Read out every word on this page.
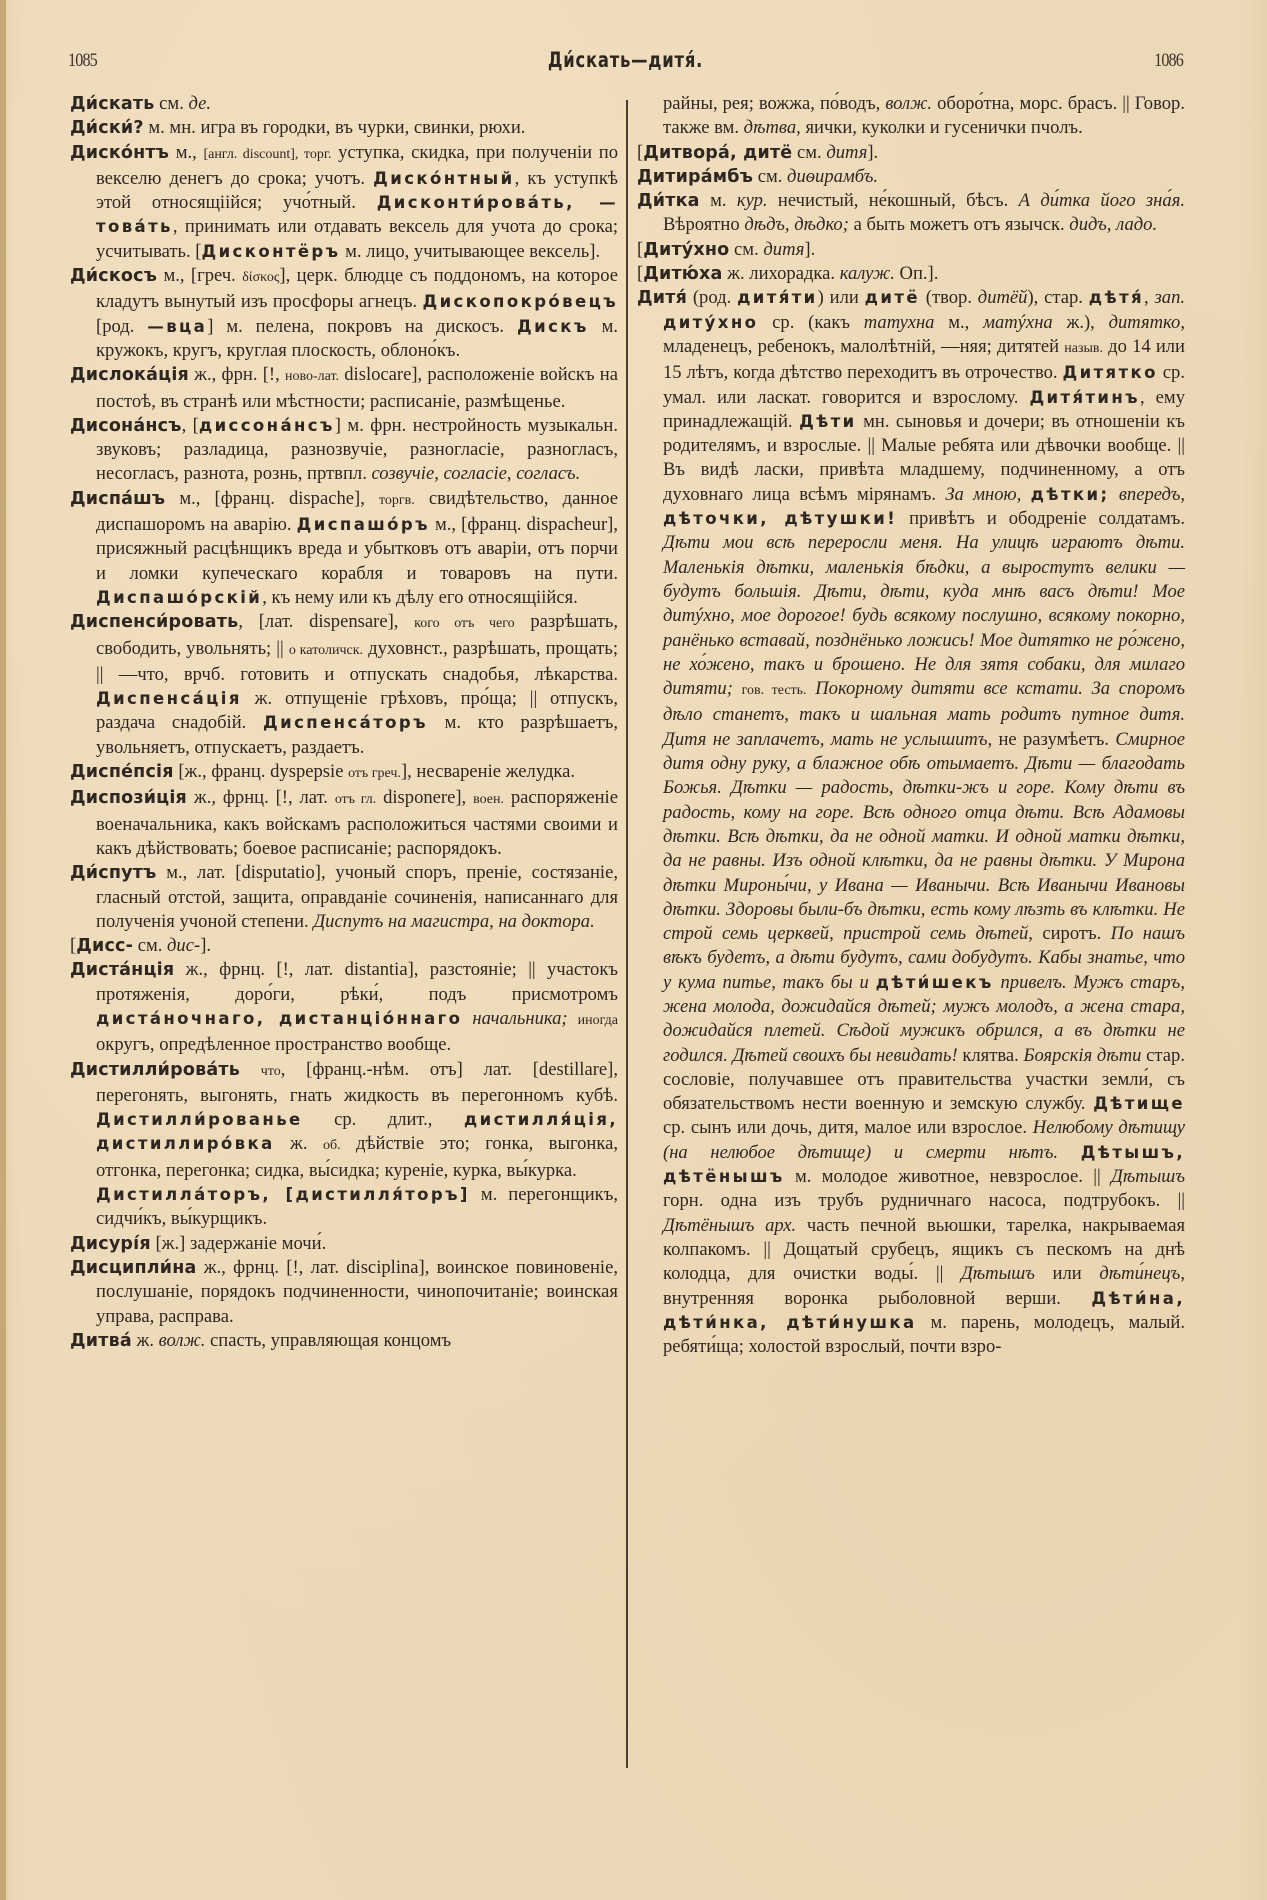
1085	Ди́скать—дитя́.	1086

Ди́скать см. де.

Ди́ски́? м. мн. игра въ городки, въ чурки, свинки, рюхи.

Диско́нтъ м., [англ. discount], торг. уступка, скидка, при полученіи по векселю денегъ до срока; учотъ. Диско́нтный, къ уступкѣ этой относящіійся; учо́тный. Дисконти́рова́ть, —това́ть, принимать или отдавать вексель для учота до срока; усчитывать. [Дисконтёръ м. лицо, учитывающее вексель].

Ди́скосъ м., [греч. δίσκος], церк. блюдце съ поддономъ, на которое кладутъ вынутый изъ просфоры агнецъ. Дископокро́вецъ [род. —вца] м. пелена, покровъ на дискосъ. Дискъ м. кружокъ, кругъ, круглая плоскость, облоно́къ.

Дислока́ція ж., фрн. [!, ново-лат. dislocare], расположеніе войскъ на постоѣ, въ странѣ или мѣстности; расписаніе, размѣщенье.

Дисона́нсъ, [диссона́нсъ] м. фрн. нестройность музыкальн. звуковъ; разладица, разнозвучіе, разногласіе, разногласъ, несогласъ, разнота, рознь, пртвпл. созвучіе, согласіе, согласъ.

Диспа́шъ м., [франц. dispache], торгв. свидѣтельство, данное диспашоромъ на аварію. Диспашо́ръ м., [франц. dispacheur], присяжный расцѣнщикъ вреда и убытковъ отъ аваріи, отъ порчи и ломки купеческаго корабля и товаровъ на пути. Диспашо́рскій, къ нему или къ дѣлу его относящіійся.

Диспенси́ровать, [лат. dispensare], кого отъ чего разрѣшать, свободить, увольнять; || о католичск. духовнст., разрѣшать, прощать; || —что, врчб. готовить и отпускать снадобья, лѣкарства. Диспенса́ція ж. отпущеніе грѣховъ, про́ща; || отпускъ, раздача снадобій. Диспенса́торъ м. кто разрѣшаетъ, увольняетъ, отпускаетъ, раздаетъ.

Диспе́псія [ж., франц. dyspepsie отъ греч.], несвареніе желудка.

Диспози́ція ж., фрнц. [!, лат. отъ гл. disponere], воен. распоряженіе военачальника, какъ войскамъ расположиться частями своими и какъ дѣйствовать; боевое расписаніе; распорядокъ.

Ди́спутъ м., лат. [disputatio], учоный споръ, преніе, состязаніе, гласный отстой, защита, оправданіе сочиненія, написаннаго для полученія учоной степени. Диспутъ на магистра, на доктора.

[Дисс- см. дис-].

Диста́нція ж., фрнц. [!, лат. distantia], разстояніе; || участокъ протяженія, доро́ги, рѣки́, подъ присмотромъ диста́ночнаго, дистанціо́ннаго начальника; иногда округъ, опредѣленное пространство вообще.

Дистилли́рова́ть что, [франц.-нѣм. отъ] лат. [destillare], перегонять, выгонять, гнать жидкость въ перегонномъ кубѣ. Дистилли́рованье ср. длит., дистилля́ція, дистиллиро́вка ж. об. дѣйствіе это; гонка, выгонка, отгонка, перегонка; сидка, вы́сидка; куреніе, курка, вы́курка.

Дистилла́торъ, [дистилля́торъ] м. перегонщикъ, сидчи́къ, вы́курщикъ.

Дисурі́я [ж.] задержаніе мочи́.

Дисципли́на ж., фрнц. [!, лат. disciplina], воинское повиновеніе, послушаніе, порядокъ подчиненности, чинопочитаніе; воинская управа, расправа.

Дитва́ ж. волж. спасть, управляющая концомъ

райны, рея; вожжа, по́водъ, волж. оборо́тна, морс. брасъ. || Говор. также вм. дѣтва, яички, куколки и гусенички пчолъ.

[Дитвора́, дитё см. дитя].

Дитира́мбъ см. диѳирамбъ.

Ди́тка м. кур. нечистый, не́кошный, бѣсъ. А ди́тка його зна́я. Вѣроятно дѣдъ, дѣдко; а быть можетъ отъ язычск. дидъ, ладо.

[Диту́хно см. дитя].

[Дитю́ха ж. лихорадка. калуж. Оп.].

Дитя́ (род. дитя́ти) или дитё (твор. дитёй), стар. дѣтя́, зап. диту́хно ср. (какъ татухна м., матýхна ж.), дитятко, младенецъ, ребенокъ, малолѣтній, —няя; дитятей назыв. до 14 или 15 лѣтъ, когда дѣтство переходитъ въ отрочество. Дитятко ср. умал. или ласкат. говорится и взрослому. Дитя́тинъ, ему принадлежащій. Дѣти мн. сыновья и дочери; въ отношеніи къ родителямъ, и взрослые. || Малые ребята или дѣвочки вообще. || Въ видѣ ласки, привѣта младшему, подчиненному, а отъ духовнаго лица всѣмъ мірянамъ. За мною, дѣтки; впередъ, дѣточки, дѣтушки! привѣтъ и ободреніе солдатамъ. Дѣти мои всѣ переросли меня. На улицѣ играютъ дѣти. Маленькія дѣтки, маленькія бѣдки, а выростутъ велики — будутъ большія. Дѣти, дѣти, куда мнѣ васъ дѣти! Мое дитýхно, мое дорогое! будь всякому послушно, всякому покорно, ранёнько вставай, позднёнько ложись! Мое дитятко не ро́жено, не хо́жено, такъ и брошено. Не для зятя собаки, для милаго дитяти; гов. тесть. Покорному дитяти все кстати. За споромъ дѣло станетъ, такъ и шальная мать родитъ путное дитя. Дитя не заплачетъ, мать не услышитъ, не разумѣетъ. Смирное дитя одну руку, а блажное обѣ отымаетъ. Дѣти — благодать Божья. Дѣтки — радость, дѣтки-жъ и горе. Кому дѣти въ радость, кому на горе. Всѣ одного отца дѣти. Всѣ Адамовы дѣтки. Всѣ дѣтки, да не одной матки. И одной матки дѣтки, да не равны. Изъ одной клѣтки, да не равны дѣтки. У Мирона дѣтки Мироны́чи, у Ивана — Иванычи. Всѣ Иванычи Ивановы дѣтки. Здоровы были-бъ дѣтки, есть кому лѣзть въ клѣтки. Не строй семь церквей, пристрой семь дѣтей, сиротъ. По нашъ вѣкъ будетъ, а дѣти будутъ, сами добудутъ. Кабы знатье, что у кума питье, такъ бы и дѣти́шекъ привелъ. Мужъ старъ, жена молода, дожидайся дѣтей; мужъ молодъ, а жена стара, дожидайся плетей. Сѣдой мужикъ обрился, а въ дѣтки не годился. Дѣтей своихъ бы невидать! клятва. Боярскія дѣти стар. сословіе, получавшее отъ правительства участки земли́, съ обязательствомъ нести военную и земскую службу. Дѣтище ср. сынъ или дочь, дитя, малое или взрослое. Нелюбому дѣтищу (на нелюбое дѣтище) и смерти нѣтъ. Дѣтышъ, дѣтёнышъ м. молодое животное, невзрослое. || Дѣтышъ горн. одна изъ трубъ рудничнаго насоса, подтрубокъ. || Дѣтёнышъ арх. часть печной вьюшки, тарелка, накрываемая колпакомъ. || Дощатый срубецъ, ящикъ съ пескомъ на днѣ колодца, для очистки воды́. || Дѣтышъ или дѣти́нецъ, внутренняя воронка рыболовной верши. Дѣти́на, дѣти́нка, дѣти́нушка м. парень, молодецъ, малый. ребяти́ща; холостой взрослый, почти взро-
